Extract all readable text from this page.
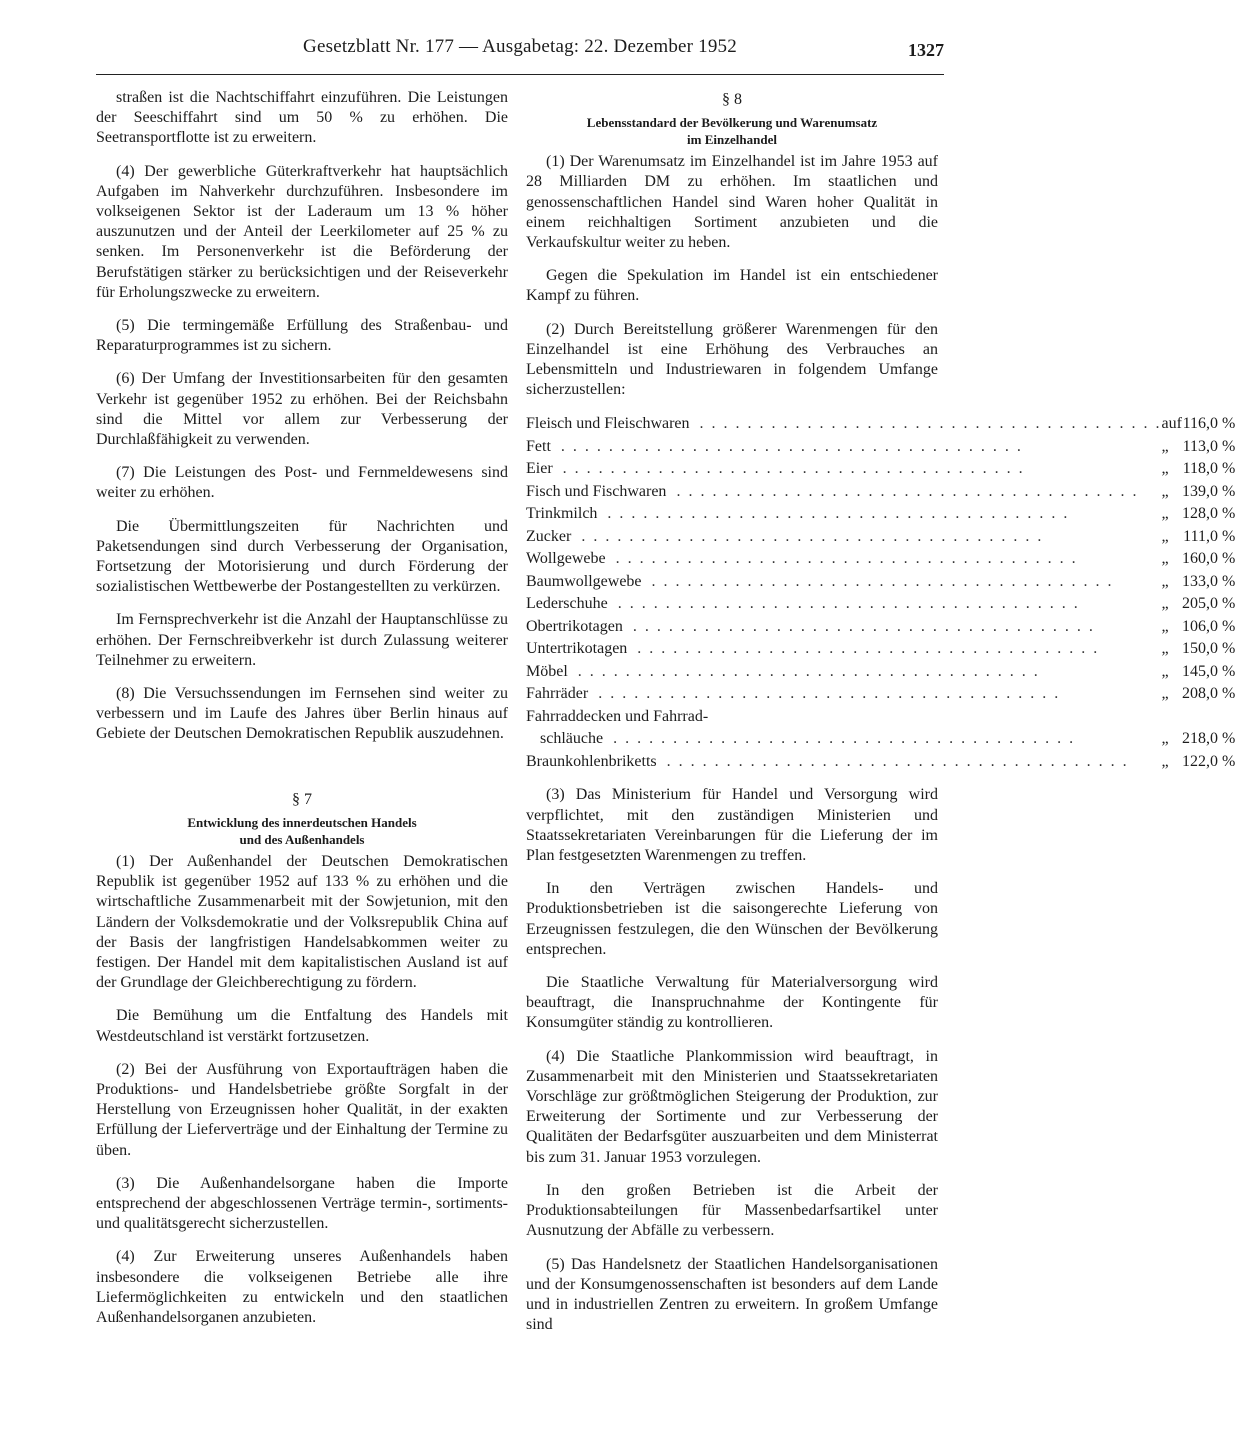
Gesetzblatt Nr. 177 — Ausgabetag: 22. Dezember 1952	1327

straßen ist die Nachtschiffahrt einzuführen. Die Leistungen der Seeschiffahrt sind um 50 % zu erhöhen. Die Seetransportflotte ist zu erweitern.

(4) Der gewerbliche Güterkraftverkehr hat hauptsächlich Aufgaben im Nahverkehr durchzuführen. Insbesondere im volkseigenen Sektor ist der Laderaum um 13 % höher auszunutzen und der Anteil der Leerkilometer auf 25 % zu senken. Im Personenverkehr ist die Beförderung der Berufstätigen stärker zu berücksichtigen und der Reiseverkehr für Erholungszwecke zu erweitern.

(5) Die termingemäße Erfüllung des Straßenbau- und Reparaturprogrammes ist zu sichern.

(6) Der Umfang der Investitionsarbeiten für den gesamten Verkehr ist gegenüber 1952 zu erhöhen. Bei der Reichsbahn sind die Mittel vor allem zur Verbesserung der Durchlaßfähigkeit zu verwenden.

(7) Die Leistungen des Post- und Fernmeldewesens sind weiter zu erhöhen.

Die Übermittlungszeiten für Nachrichten und Paketsendungen sind durch Verbesserung der Organisation, Fortsetzung der Motorisierung und durch Förderung der sozialistischen Wettbewerbe der Postangestellten zu verkürzen.

Im Fernsprechverkehr ist die Anzahl der Hauptanschlüsse zu erhöhen. Der Fernschreibverkehr ist durch Zulassung weiterer Teilnehmer zu erweitern.

(8) Die Versuchssendungen im Fernsehen sind weiter zu verbessern und im Laufe des Jahres über Berlin hinaus auf Gebiete der Deutschen Demokratischen Republik auszudehnen.

§ 7
Entwicklung des innerdeutschen Handels
und des Außenhandels

(1) Der Außenhandel der Deutschen Demokratischen Republik ist gegenüber 1952 auf 133 % zu erhöhen und die wirtschaftliche Zusammenarbeit mit der Sowjetunion, mit den Ländern der Volksdemokratie und der Volksrepublik China auf der Basis der langfristigen Handelsabkommen weiter zu festigen. Der Handel mit dem kapitalistischen Ausland ist auf der Grundlage der Gleichberechtigung zu fördern.

Die Bemühung um die Entfaltung des Handels mit Westdeutschland ist verstärkt fortzusetzen.

(2) Bei der Ausführung von Exportaufträgen haben die Produktions- und Handelsbetriebe größte Sorgfalt in der Herstellung von Erzeugnissen hoher Qualität, in der exakten Erfüllung der Lieferverträge und der Einhaltung der Termine zu üben.

(3) Die Außenhandelsorgane haben die Importe entsprechend der abgeschlossenen Verträge termin-, sortiments- und qualitätsgerecht sicherzustellen.

(4) Zur Erweiterung unseres Außenhandels haben insbesondere die volkseigenen Betriebe alle ihre Liefermöglichkeiten zu entwickeln und den staatlichen Außenhandelsorganen anzubieten.

§ 8
Lebensstandard der Bevölkerung und Warenumsatz
im Einzelhandel

(1) Der Warenumsatz im Einzelhandel ist im Jahre 1953 auf 28 Milliarden DM zu erhöhen. Im staatlichen und genossenschaftlichen Handel sind Waren hoher Qualität in einem reichhaltigen Sortiment anzubieten und die Verkaufskultur weiter zu heben.

Gegen die Spekulation im Handel ist ein entschiedener Kampf zu führen.

(2) Durch Bereitstellung größerer Warenmengen für den Einzelhandel ist eine Erhöhung des Verbrauches an Lebensmitteln und Industriewaren in folgendem Umfange sicherzustellen:

Fleisch und Fleischwaren . . . . . . . . . . . . . . . . . . . . . . . . . . . . . . . . . . . . . . .	auf	116,0 %
Fett . . . . . . . . . . . . . . . . . . . . . . . . . . . . . . . . . . . . . . .	„	113,0 %
Eier . . . . . . . . . . . . . . . . . . . . . . . . . . . . . . . . . . . . . . .	„	118,0 %
Fisch und Fischwaren . . . . . . . . . . . . . . . . . . . . . . . . . . . . . . . . . . . . . . .	„	139,0 %
Trinkmilch . . . . . . . . . . . . . . . . . . . . . . . . . . . . . . . . . . . . . . .	„	128,0 %
Zucker . . . . . . . . . . . . . . . . . . . . . . . . . . . . . . . . . . . . . . .	„	111,0 %
Wollgewebe . . . . . . . . . . . . . . . . . . . . . . . . . . . . . . . . . . . . . . .	„	160,0 %
Baumwollgewebe . . . . . . . . . . . . . . . . . . . . . . . . . . . . . . . . . . . . . . .	„	133,0 %
Lederschuhe . . . . . . . . . . . . . . . . . . . . . . . . . . . . . . . . . . . . . . .	„	205,0 %
Obertrikotagen . . . . . . . . . . . . . . . . . . . . . . . . . . . . . . . . . . . . . . .	„	106,0 %
Untertrikotagen . . . . . . . . . . . . . . . . . . . . . . . . . . . . . . . . . . . . . . .	„	150,0 %
Möbel . . . . . . . . . . . . . . . . . . . . . . . . . . . . . . . . . . . . . . .	„	145,0 %
Fahrräder . . . . . . . . . . . . . . . . . . . . . . . . . . . . . . . . . . . . . . .	„	208,0 %
Fahrraddecken und Fahrrad-		
schläuche . . . . . . . . . . . . . . . . . . . . . . . . . . . . . . . . . . . . . . .	„	218,0 %
Braunkohlenbriketts . . . . . . . . . . . . . . . . . . . . . . . . . . . . . . . . . . . . . . .	„	122,0 %

(3) Das Ministerium für Handel und Versorgung wird verpflichtet, mit den zuständigen Ministerien und Staatssekretariaten Vereinbarungen für die Lieferung der im Plan festgesetzten Warenmengen zu treffen.

In den Verträgen zwischen Handels- und Produktionsbetrieben ist die saisongerechte Lieferung von Erzeugnissen festzulegen, die den Wünschen der Bevölkerung entsprechen.

Die Staatliche Verwaltung für Materialversorgung wird beauftragt, die Inanspruchnahme der Kontingente für Konsumgüter ständig zu kontrollieren.

(4) Die Staatliche Plankommission wird beauftragt, in Zusammenarbeit mit den Ministerien und Staatssekretariaten Vorschläge zur größtmöglichen Steigerung der Produktion, zur Erweiterung der Sortimente und zur Verbesserung der Qualitäten der Bedarfsgüter auszuarbeiten und dem Ministerrat bis zum 31. Januar 1953 vorzulegen.

In den großen Betrieben ist die Arbeit der Produktionsabteilungen für Massenbedarfsartikel unter Ausnutzung der Abfälle zu verbessern.

(5) Das Handelsnetz der Staatlichen Handelsorganisationen und der Konsumgenossenschaften ist besonders auf dem Lande und in industriellen Zentren zu erweitern. In großem Umfange sind
